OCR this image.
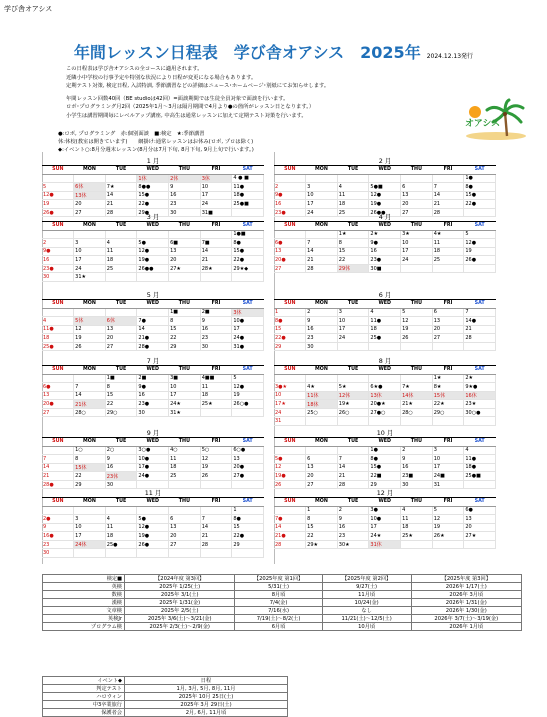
学び舎オアシス
年間レッスン日程表　学び舎オアシス　2025年 2024.12.13発行

この日程表は学び舎オアシスの全コースに適用されます。

近隣小中学校の行事予定や特別な状況により日程が変更になる場合もあります。

定期テスト対策, 検定日程, 入試特訓, 季節講習などの詳細はニュース･ホームページ･別紙にてお知らせします。

年間レッスン回数40回（BE studioは42回）=面談期間では生徒全員対象で面談を行います。

ロボ･プログラミング月2回（2025年1月～3月は隔月期間で4月より●の箇所がレッスン日となります。）

小学生は講習期間毎にレベルアップ講座, 中高生は通常レッスンに加えて定期テスト対策を行います。

オアシス

●:ロボ, プログラミング　赤:個別面談　■:検定　★:季節講習

休:休校(教室は開きています)　　網掛け:通常レッスンはお休み(ロボ, プロは除く)

◆:イベント○:8月分週末レッスン(8月分は7月下旬, 8月下旬, 9月上旬で行います。)

1 月
SUN	MON	TUE	WED	THU	FRI	SAT
			1休	2休	3休	4 ● ■
5	6休	7★	8●●	9	10	11●
12●	13休	14	15●	16	17	18●
19	20	21	22●	23	24	25●■
26●	27	28	29●	30	31■	
2 月
SUN	MON	TUE	WED	THU	FRI	SAT
						1●
2	3	4	5●■	6	7	8●
9●	10	11	12●	13	14	15●
16	17	18	19●	20	21	22●
23●	24	25	26●●	27	28	
3 月
SUN	MON	TUE	WED	THU	FRI	SAT
						1●■
2	3	4	5●	6■	7■	8●
9●	10	11	12●	13	14	15●
16	17	18	19●	20	21	22●
23●	24	25	26●●	27★	28★	29★◆
30	31★					
4 月
SUN	MON	TUE	WED	THU	FRI	SAT
		1★	2★	3★	4★	5
6●	7	8	9●	10	11	12●
13	14	15	16	17	18	19
20●	21	22	23●	24	25	26●
27	28	29休	30■			
5 月
SUN	MON	TUE	WED	THU	FRI	SAT
				1■	2■	3休
4	5休	6休	7●	8	9	10●
11●	12	13	14	15	16	17
18	19	20	21●	22	23	24●
25●	26	27	28●	29	30	31●
6 月
SUN	MON	TUE	WED	THU	FRI	SAT
1	2	3	4	5	6	7
8●	9	10	11●	12	13	14●
15	16	17	18	19	20	21
22●	23	24	25●	26	27	28
29	30					
7 月
SUN	MON	TUE	WED	THU	FRI	SAT
		1■	2■	3■	4■■	5
6●	7	8	9●	10	11	12●
13	14	15	16	17	18	19
20●	21休	22	23●	24★	25★	26○●
27	28○	29○	30	31★		
8 月
SUN	MON	TUE	WED	THU	FRI	SAT
					1★	2★
3●★	4★	5★	6★●	7★	8★	9★●
10	11休	12休	13休	14休	15休	16休
17★	18休	19★	20●★	21★	22★	23★
24	25○	26○	27●○	28○	29○	30○●
31						
9 月
SUN	MON	TUE	WED	THU	FRI	SAT
	1○	2○	3○●	4○	5○	6○●
7	8	9	10●	11	12	13
14	15休	16	17●	18	19	20●
21	22	23休	24●	25	26	27●
28●	29	30				
10 月
SUN	MON	TUE	WED	THU	FRI	SAT
			1●	2	3	4
5●	6	7	8●	9	10	11●
12	13	14	15●	16	17	18●
19●	20	21	22■	23■	24■	25●■
26	27	28	29	30	31	
11 月
SUN	MON	TUE	WED	THU	FRI	SAT
						1
2●	3	4	5●	6	7	8●
9	10	11	12●	13	14	15
16●	17	18	19●	20	21	22●
23	24休	25●	26●	27	28	29
30						
12 月
SUN	MON	TUE	WED	THU	FRI	SAT
	1	2	3●	4	5	6●
7●	8	9	10●	11	12	13
14	15	16	17	18	19	20
21●	22	23	24★	25★	26★	27★
28	29★	30★	31休			
検定■	【2024年度 第3回】	【2025年度 第1回】	【2025年度 第2回】	【2025年度 第3回】
英検	2025年 1/25(土)	5/31(土)	9/27(土)	2026年 1/17(土)
数検	2025年 3/1(土)	8月頃	11月頃	2026年 3月頃
漢検	2025年 1/31(金)	7/4(金)	10/24(金)	2026年 1/31(金)
文章検	2025年 2/5(土)	7/16(水)	なし	2026年 1/30(金)
英検Jr	2025年 3/6(土)～3/21(金)	7/19(土)～8/2(土)	11/21(土)～12/5(土)	2026年 3/7(土)～3/19(金)
プログラム検	2025年 2/3(土)～2/9(金)	6月頃	10月頃	2026年 1月頃
イベント◆	日程
判定テスト	1月, 3月, 5月, 8月, 11月
ハロウィン	2025年 10月 25日(土)
中3卒業旅行	2025年 3月 29日(土)
保護者会	2月, 6月, 11月頃
